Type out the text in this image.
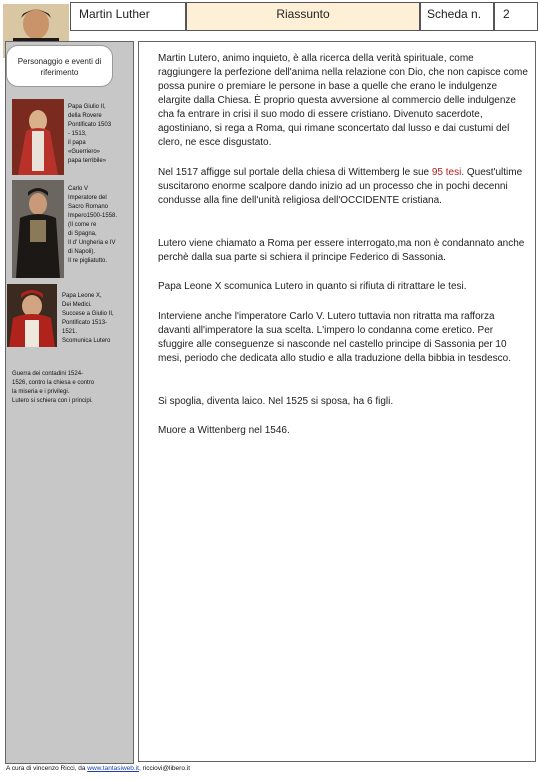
Martin Luther	Riassunto	Scheda n.	2
Personaggio e eventi di riferimento
Papa Giulio II,
della Rovere
Pontificato 1503
- 1513,
il papa
«Guerriero»
papa terribile»
Carlo V
Imperatore del
Sacro Romano
Impero1500-1558.
(Il come re
di Spagna,
Il d' Ungheria e IV
di Napoli).
Il re pigliatutto.
Papa Leone X,
Dei Medici.
Succese a Giulio II,
Pontificato 1513-
1521.
Scomunica Lutero
Guerra dei contadini 1524-
1526, contro la chiesa e contro
la miseria e i privilegi.
Lutero si schiera con i principi.
Martin Lutero, animo inquieto, è alla ricerca della verità spirituale, come raggiungere la perfezione dell'anima nella relazione con Dio, che non capisce come possa punire o premiare le persone in base a quelle che erano le indulgenze elargite dalla Chiesa. È proprio questa avversione al commercio delle indulgenze cha fa entrare in crisi il suo modo di essere cristiano. Divenuto sacerdote, agostiniano, si rega a Roma, qui rimane sconcertato dal lusso e dai custumi del clero, ne esce disgustato.
Nel 1517 affigge sul portale della chiesa di Wittemberg le sue 95 tesi. Quest'ultime suscitarono enorme scalpore dando inizio ad un processo che in pochi decenni condusse alla fine dell'unità religiosa dell'OCCIDENTE cristiana.
Lutero viene chiamato a Roma per essere interrogato,ma non è condannato anche perchè dalla sua parte si schiera il principe Federico di Sassonia.
Papa Leone X scomunica Lutero in quanto si rifiuta di ritrattare le tesi.
Interviene anche l'imperatore Carlo V. Lutero tuttavia non ritratta ma rafforza davanti all'imperatore la sua scelta. L'impero lo condanna come eretico. Per sfuggire alle conseguenze si nasconde nel castello principe di Sassonia per 10 mesi, periodo che dedicata allo studio e alla traduzione della bibbia in tesdesco.
Si spoglia, diventa laico. Nel 1525 si sposa, ha 6 figli.
Muore a Wittenberg nel 1546.
A cura di vincenzo Ricci, da www.tantasiweb.it, ricciovi@libero.it
